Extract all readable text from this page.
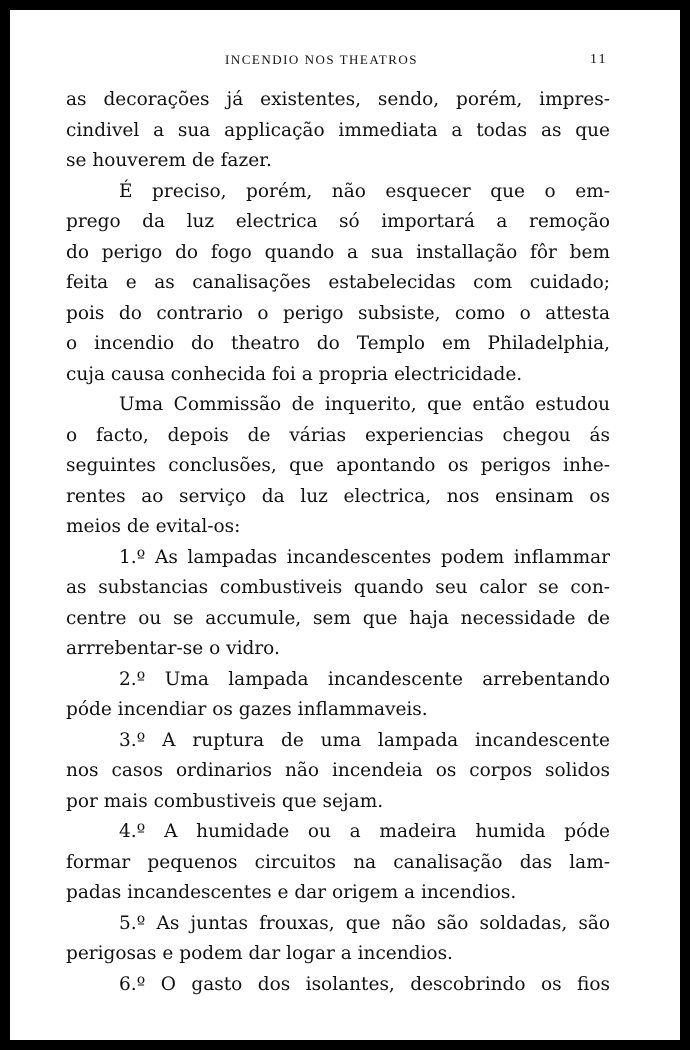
INCENDIO NOS THEATROS	11
as decorações já existentes, sendo, porém, impres-
cindivel a sua applicação immediata a todas as que
se houverem de fazer.
É preciso, porém, não esquecer que o em-
prego da luz electrica só importará a remoção
do perigo do fogo quando a sua installação fôr bem
feita e as canalisações estabelecidas com cuidado;
pois do contrario o perigo subsiste, como o attesta
o incendio do theatro do Templo em Philadelphia,
cuja causa conhecida foi a propria electricidade.
Uma Commissão de inquerito, que então estudou
o facto, depois de várias experiencias chegou ás
seguintes conclusões, que apontando os perigos inhe-
rentes ao serviço da luz electrica, nos ensinam os
meios de evital-os:
1.º As lampadas incandescentes podem inflammar
as substancias combustiveis quando seu calor se con-
centre ou se accumule, sem que haja necessidade de
arrrebentar-se o vidro.
2.º Uma lampada incandescente arrebentando
póde incendiar os gazes inflammaveis.
3.º A ruptura de uma lampada incandescente
nos casos ordinarios não incendeia os corpos solidos
por mais combustiveis que sejam.
4.º A humidade ou a madeira humida póde
formar pequenos circuitos na canalisação das lam-
padas incandescentes e dar origem a incendios.
5.º As juntas frouxas, que não são soldadas, são
perigosas e podem dar logar a incendios.
6.º O gasto dos isolantes, descobrindo os fios
